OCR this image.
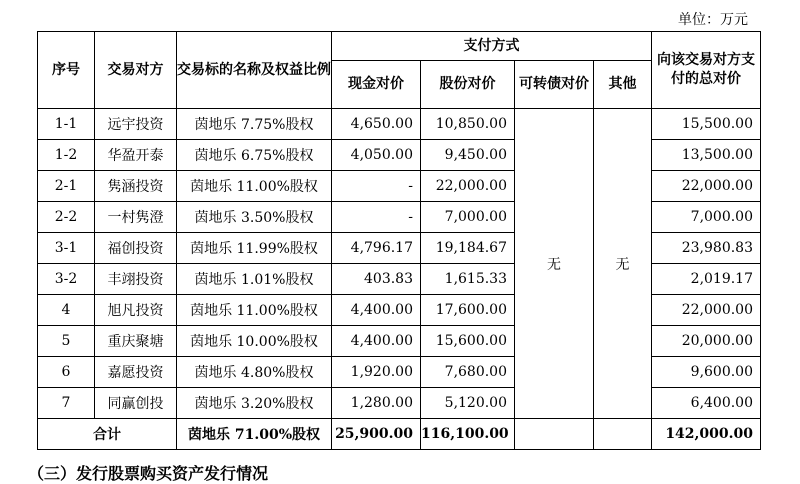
单位：万元
序号	交易对方	交易标的名称及权益比例	支付方式				向该交易对方支付的总对价
			现金对价	股份对价	可转债对价	其他	
1-1	远宇投资	茵地乐 7.75%股权	4,650.00	10,850.00	无	无	15,500.00
1-2	华盈开泰	茵地乐 6.75%股权	4,050.00	9,450.00			13,500.00
2-1	隽涵投资	茵地乐 11.00%股权	-	22,000.00			22,000.00
2-2	一村隽澄	茵地乐 3.50%股权	-	7,000.00			7,000.00
3-1	福创投资	茵地乐 11.99%股权	4,796.17	19,184.67			23,980.83
3-2	丰翊投资	茵地乐 1.01%股权	403.83	1,615.33			2,019.17
4	旭凡投资	茵地乐 11.00%股权	4,400.00	17,600.00			22,000.00
5	重庆聚塘	茵地乐 10.00%股权	4,400.00	15,600.00			20,000.00
6	嘉愿投资	茵地乐 4.80%股权	1,920.00	7,680.00			9,600.00
7	同赢创投	茵地乐 3.20%股权	1,280.00	5,120.00			6,400.00
合计		茵地乐 71.00%股权	25,900.00	116,100.00			142,000.00
（三）发行股票购买资产发行情况
